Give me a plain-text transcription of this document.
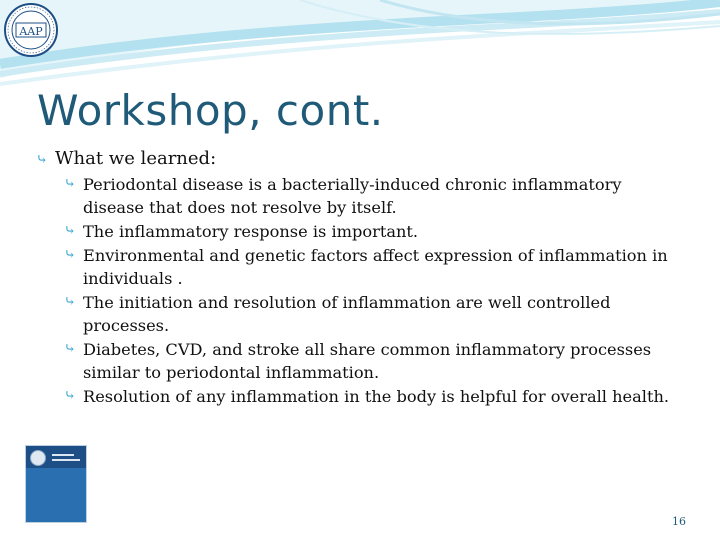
AAP
Workshop, cont.
⤷ What we learned:
⤷ Periodontal disease is a bacterially-induced chronic inflammatory disease that does not resolve by itself.
⤷ The inflammatory response is important.
⤷ Environmental and genetic factors affect expression of inflammation in individuals .
⤷ The initiation and resolution of inflammation are well controlled processes.
⤷ Diabetes, CVD, and stroke all share common inflammatory processes similar to periodontal inflammation.
⤷ Resolution of any inflammation in the body is helpful for overall health.
16
